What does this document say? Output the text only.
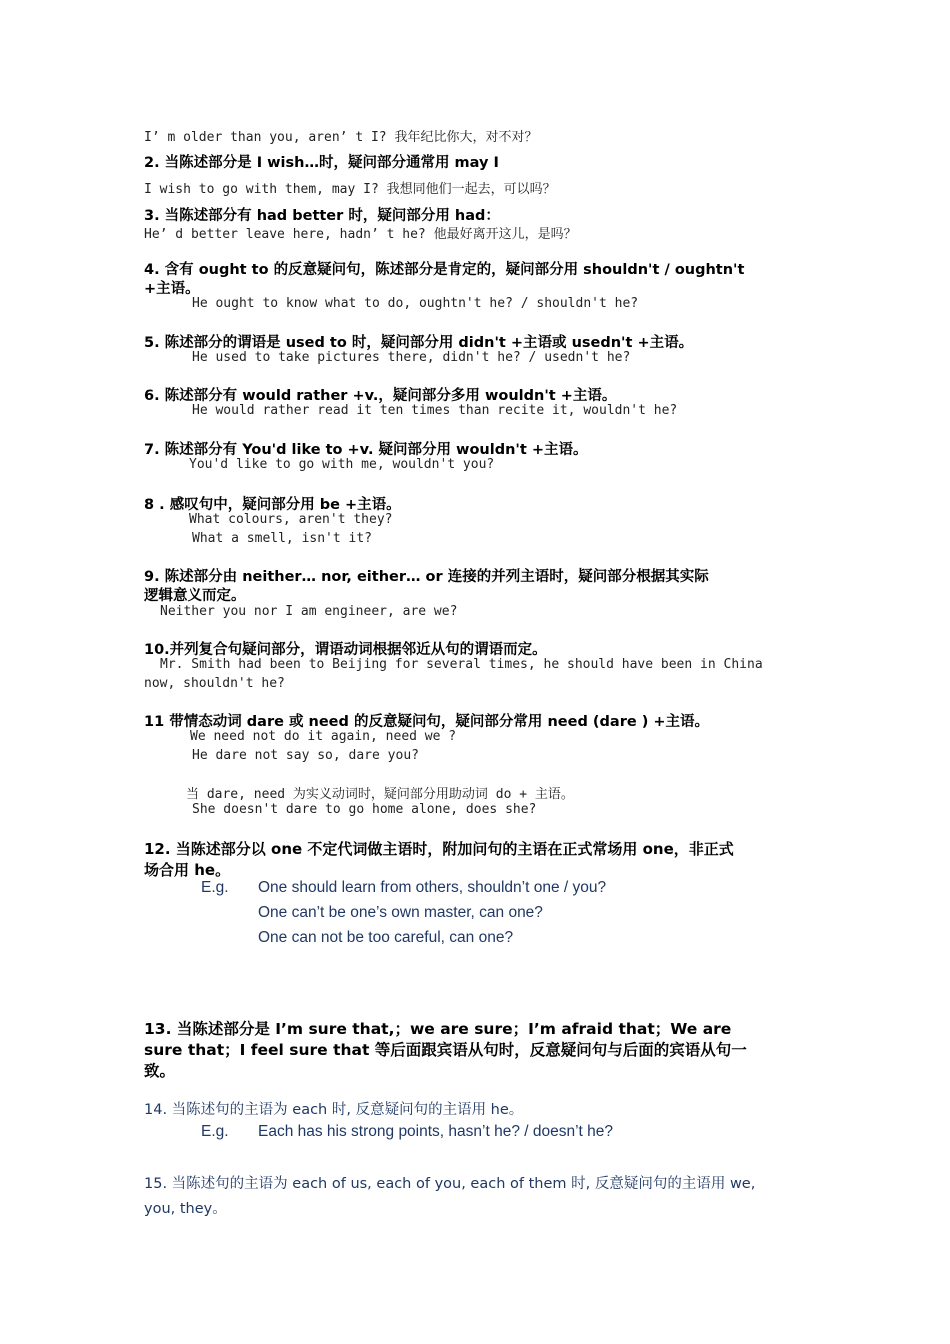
I’ m older than you, aren’ t I? 我年纪比你大，对不对？
2. 当陈述部分是 I wish…时，疑问部分通常用 may I
I wish to go with them, may I? 我想同他们一起去，可以吗？
3. 当陈述部分有 had better 时，疑问部分用 had：
He’ d better leave here, hadn’ t he? 他最好离开这儿，是吗？
4. 含有 ought to 的反意疑问句，陈述部分是肯定的，疑问部分用 shouldn't / oughtn't
+主语。
He ought to know what to do, oughtn't he? / shouldn't he?
5. 陈述部分的谓语是 used to 时，疑问部分用 didn't +主语或 usedn't +主语。
He used to take pictures there, didn't he? / usedn't he?
6. 陈述部分有 would rather +v.，疑问部分多用 wouldn't +主语。
He would rather read it ten times than recite it, wouldn't he?
7. 陈述部分有 You'd like to +v. 疑问部分用 wouldn't +主语。
You'd like to go with me, wouldn't you?
8 . 感叹句中，疑问部分用 be +主语。
What colours, aren't they?
What a smell, isn't it?
9. 陈述部分由 neither… nor, either… or 连接的并列主语时，疑问部分根据其实际
逻辑意义而定。
Neither you nor I am engineer, are we?
10.并列复合句疑问部分，谓语动词根据邻近从句的谓语而定。
Mr. Smith had been to Beijing for several times, he should have been in China
now, shouldn't he?
11 带情态动词 dare 或 need 的反意疑问句，疑问部分常用 need (dare ) +主语。
We need not do it again, need we ?
He dare not say so, dare you?
当 dare, need 为实义动词时，疑问部分用助动词 do + 主语。
She doesn't dare to go home alone, does she?
12. 当陈述部分以 one 不定代词做主语时，附加问句的主语在正式常场用 one，非正式
场合用 he。
E.g. One should learn from others, shouldn’t one / you?
One can’t be one’s own master, can one?
One can not be too careful, can one?
13. 当陈述部分是 I’m sure that,；we are sure；I’m afraid that；We are
sure that；I feel sure that 等后面跟宾语从句时，反意疑问句与后面的宾语从句一
致。
14. 当陈述句的主语为 each 时, 反意疑问句的主语用 he。
E.g. Each has his strong points, hasn’t he? / doesn’t he?
15. 当陈述句的主语为 each of us, each of you, each of them 时, 反意疑问句的主语用 we,
you, they。
